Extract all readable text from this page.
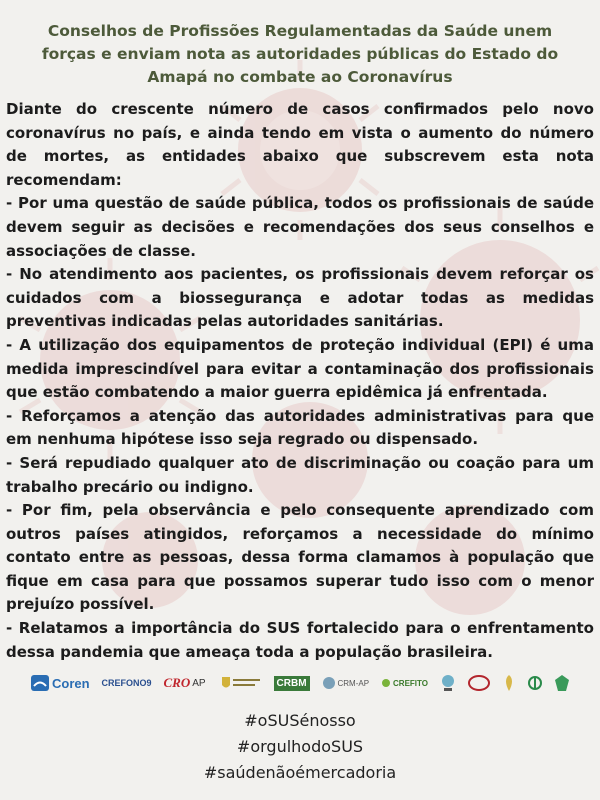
Conselhos de Profissões Regulamentadas da Saúde unem forças e enviam nota as autoridades públicas do Estado do Amapá no combate ao Coronavírus

Diante do crescente número de casos confirmados pelo novo coronavírus no país, e ainda tendo em vista o aumento do número de mortes, as entidades abaixo que subscrevem esta nota recomendam:

- Por uma questão de saúde pública, todos os profissionais de saúde devem seguir as decisões e recomendações dos seus conselhos e associações de classe.

- No atendimento aos pacientes, os profissionais devem reforçar os cuidados com a biossegurança e adotar todas as medidas preventivas indicadas pelas autoridades sanitárias.

- A utilização dos equipamentos de proteção individual (EPI) é uma medida imprescindível para evitar a contaminação dos profissionais que estão combatendo a maior guerra epidêmica já enfrentada.

- Reforçamos a atenção das autoridades administrativas para que em nenhuma hipótese isso seja regrado ou dispensado.

- Será repudiado qualquer ato de discriminação ou coação para um trabalho precário ou indigno.

- Por fim, pela observância e pelo consequente aprendizado com outros países atingidos, reforçamos a necessidade do mínimo contato entre as pessoas, dessa forma clamamos à população que fique em casa para que possamos superar tudo isso com o menor prejuízo possível.

- Relatamos a importância do SUS fortalecido para o enfrentamento dessa pandemia que ameaça toda a população brasileira.

Coren CREFONO9 CRO AP	CRBM	CRM-AP	CREFITO
#oSUSénosso
#orgulhodoSUS
#saúdenãoémercadoria
